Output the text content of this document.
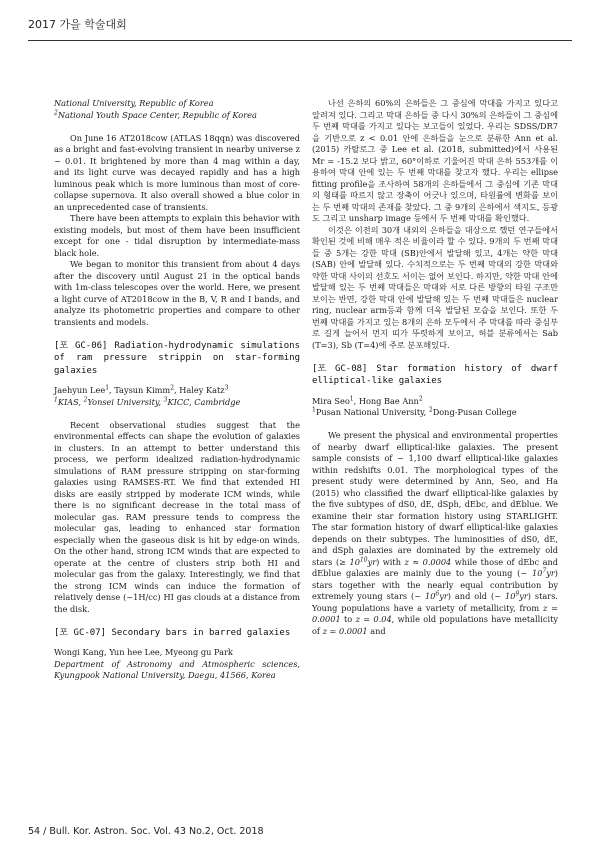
2017 가을 학술대회

National University, Republic of Korea

$^2$National Youth Space Center, Republic of Korea

On June 16 AT2018cow (ATLAS 18qqn) was discovered as a bright and fast-evolving transient in nearby universe z ~ 0.01. It brightened by more than 4 mag within a day, and its light curve was decayed rapidly and has a high luminous peak which is more luminous than most of core-collapse supernova. It also overall showed a blue color in an unprecedented case of transients.

There have been attempts to explain this behavior with existing models, but most of them have been insufficient except for one - tidal disruption by intermediate-mass black hole.

We began to monitor this transient from about 4 days after the discovery until August 21 in the optical bands with 1m-class telescopes over the world. Here, we present a light curve of AT2018cow in the B, V, R and I bands, and analyze its photometric properties and compare to other transients and models.

[포 GC-06] Radiation-hydrodynamic simulations of ram pressure strippin on star-forming galaxies

Jaehyun Lee$^1$, Taysun Kimm$^2$, Haley Katz$^3$

$^1$KIAS, $^2$Yonsei University, $^3$KICC, Cambridge

Recent observational studies suggest that the environmental effects can shape the evolution of galaxies in clusters. In an attempt to better understand this process, we perform idealized radiation-hydrodynamic simulations of RAM pressure stripping on star-forming galaxies using RAMSES-RT. We find that extended HI disks are easily stripped by moderate ICM winds, while there is no significant decrease in the total mass of molecular gas. RAM pressure tends to compress the molecular gas, leading to enhanced star formation especially when the gaseous disk is hit by edge-on winds. On the other hand, strong ICM winds that are expected to operate at the centre of clusters strip both HI and molecular gas from the galaxy. Interestingly, we find that the strong ICM winds can induce the formation of relatively dense (~1H/cc) HI gas clouds at a distance from the disk.

[포 GC-07] Secondary bars in barred galaxies

Wongi Kang, Yun hee Lee, Myeong gu Park

Department of Astronomy and Atmospheric sciences, Kyungpook National University, Daegu, 41566, Korea

나선 은하의 60%의 은하들은 그 중심에 막대를 가지고 있다고 알려져 있다. 그리고 막대 은하들 중 다시 30%의 은하들이 그 중심에 두 번째 막대를 가지고 있다는 보고들이 있었다. 우리는 SDSS/DR7을 기반으로 z < 0.01 안에 은하들을 눈으로 분류한 Ann et al. (2015) 카탈로그 중 Lee et al. (2018, submitted)에서 사용된 Mr = -15.2 보다 밝고, 60°이하로 기울어진 막대 은하 553개를 이용하여 막대 안에 있는 두 번째 막대를 찾고자 했다. 우리는 ellipse fitting profile을 조사하여 58개의 은하들에서 그 중심에 기존 막대의 형태를 따르지 않고 장축이 어긋나 있으며, 타원률에 변화를 보이는 두 번째 막대의 존재를 찾았다. 그 중 9개의 은하에서 색지도, 등광도 그리고 unsharp image 등에서 두 번째 막대를 확인했다.

이것은 이전의 30개 내외의 은하들을 대상으로 했던 연구들에서 확인된 것에 비해 매우 적은 비율이라 할 수 있다. 9개의 두 번째 막대들 중 5개는 강한 막대 (SB)안에서 발달해 있고, 4개는 약한 막대 (SAB) 안에 발달해 있다. 수치적으로는 두 번째 막대의 강한 막대와 약한 막대 사이의 선호도 서이는 없어 보인다. 하지만, 약한 막대 안에 발달해 있는 두 번째 막대들은 막대와 서로 다른 방향의 타원 구조만 보이는 반면, 강한 막대 안에 발달해 있는 두 번째 막대들은 nuclear ring, nuclear arm등과 함께 더욱 발달된 모습을 보인다. 또한 두 번째 막대를 가지고 있는 8개의 은하 모두에서 주 막대를 따라 중심부로 길게 늘어서 먼지 띠가 뚜렷하게 보이고, 허블 분류에서는 Sab (T=3), Sb (T=4)에 주로 분포해있다.

[포 GC-08] Star formation history of dwarf elliptical-like galaxies

Mira Seo$^1$, Hong Bae Ann$^2$

$^1$Pusan National University, $^2$Dong-Pusan College

We present the physical and environmental properties of nearby dwarf elliptical-like galaxies. The present sample consists of ~ 1,100 dwarf elliptical-like galaxies within redshifts 0.01. The morphological types of the present study were determined by Ann, Seo, and Ha (2015) who classified the dwarf elliptical-like galaxies by the five subtypes of dS0, dE, dSph, dEbc, and dEblue. We examine their star formation history using STARLIGHT. The star formation history of dwarf elliptical-like galaxies depends on their subtypes. The luminosities of dS0, dE, and dSph galaxies are dominated by the extremely old stars (≥ $10^{10}yr$) with z ≈ 0.0004 while those of dEbc and dEblue galaxies are mainly due to the young (~ $10^7yr$) stars together with the nearly equal contribution by extremely young stars (~ $10^6yr$) and old (~ $10^9yr$) stars. Young populations have a variety of metallicity, from z = 0.0001 to z = 0.04, while old populations have metallicity of z = 0.0001 and

54 / Bull. Kor. Astron. Soc. Vol. 43 No.2, Oct. 2018
